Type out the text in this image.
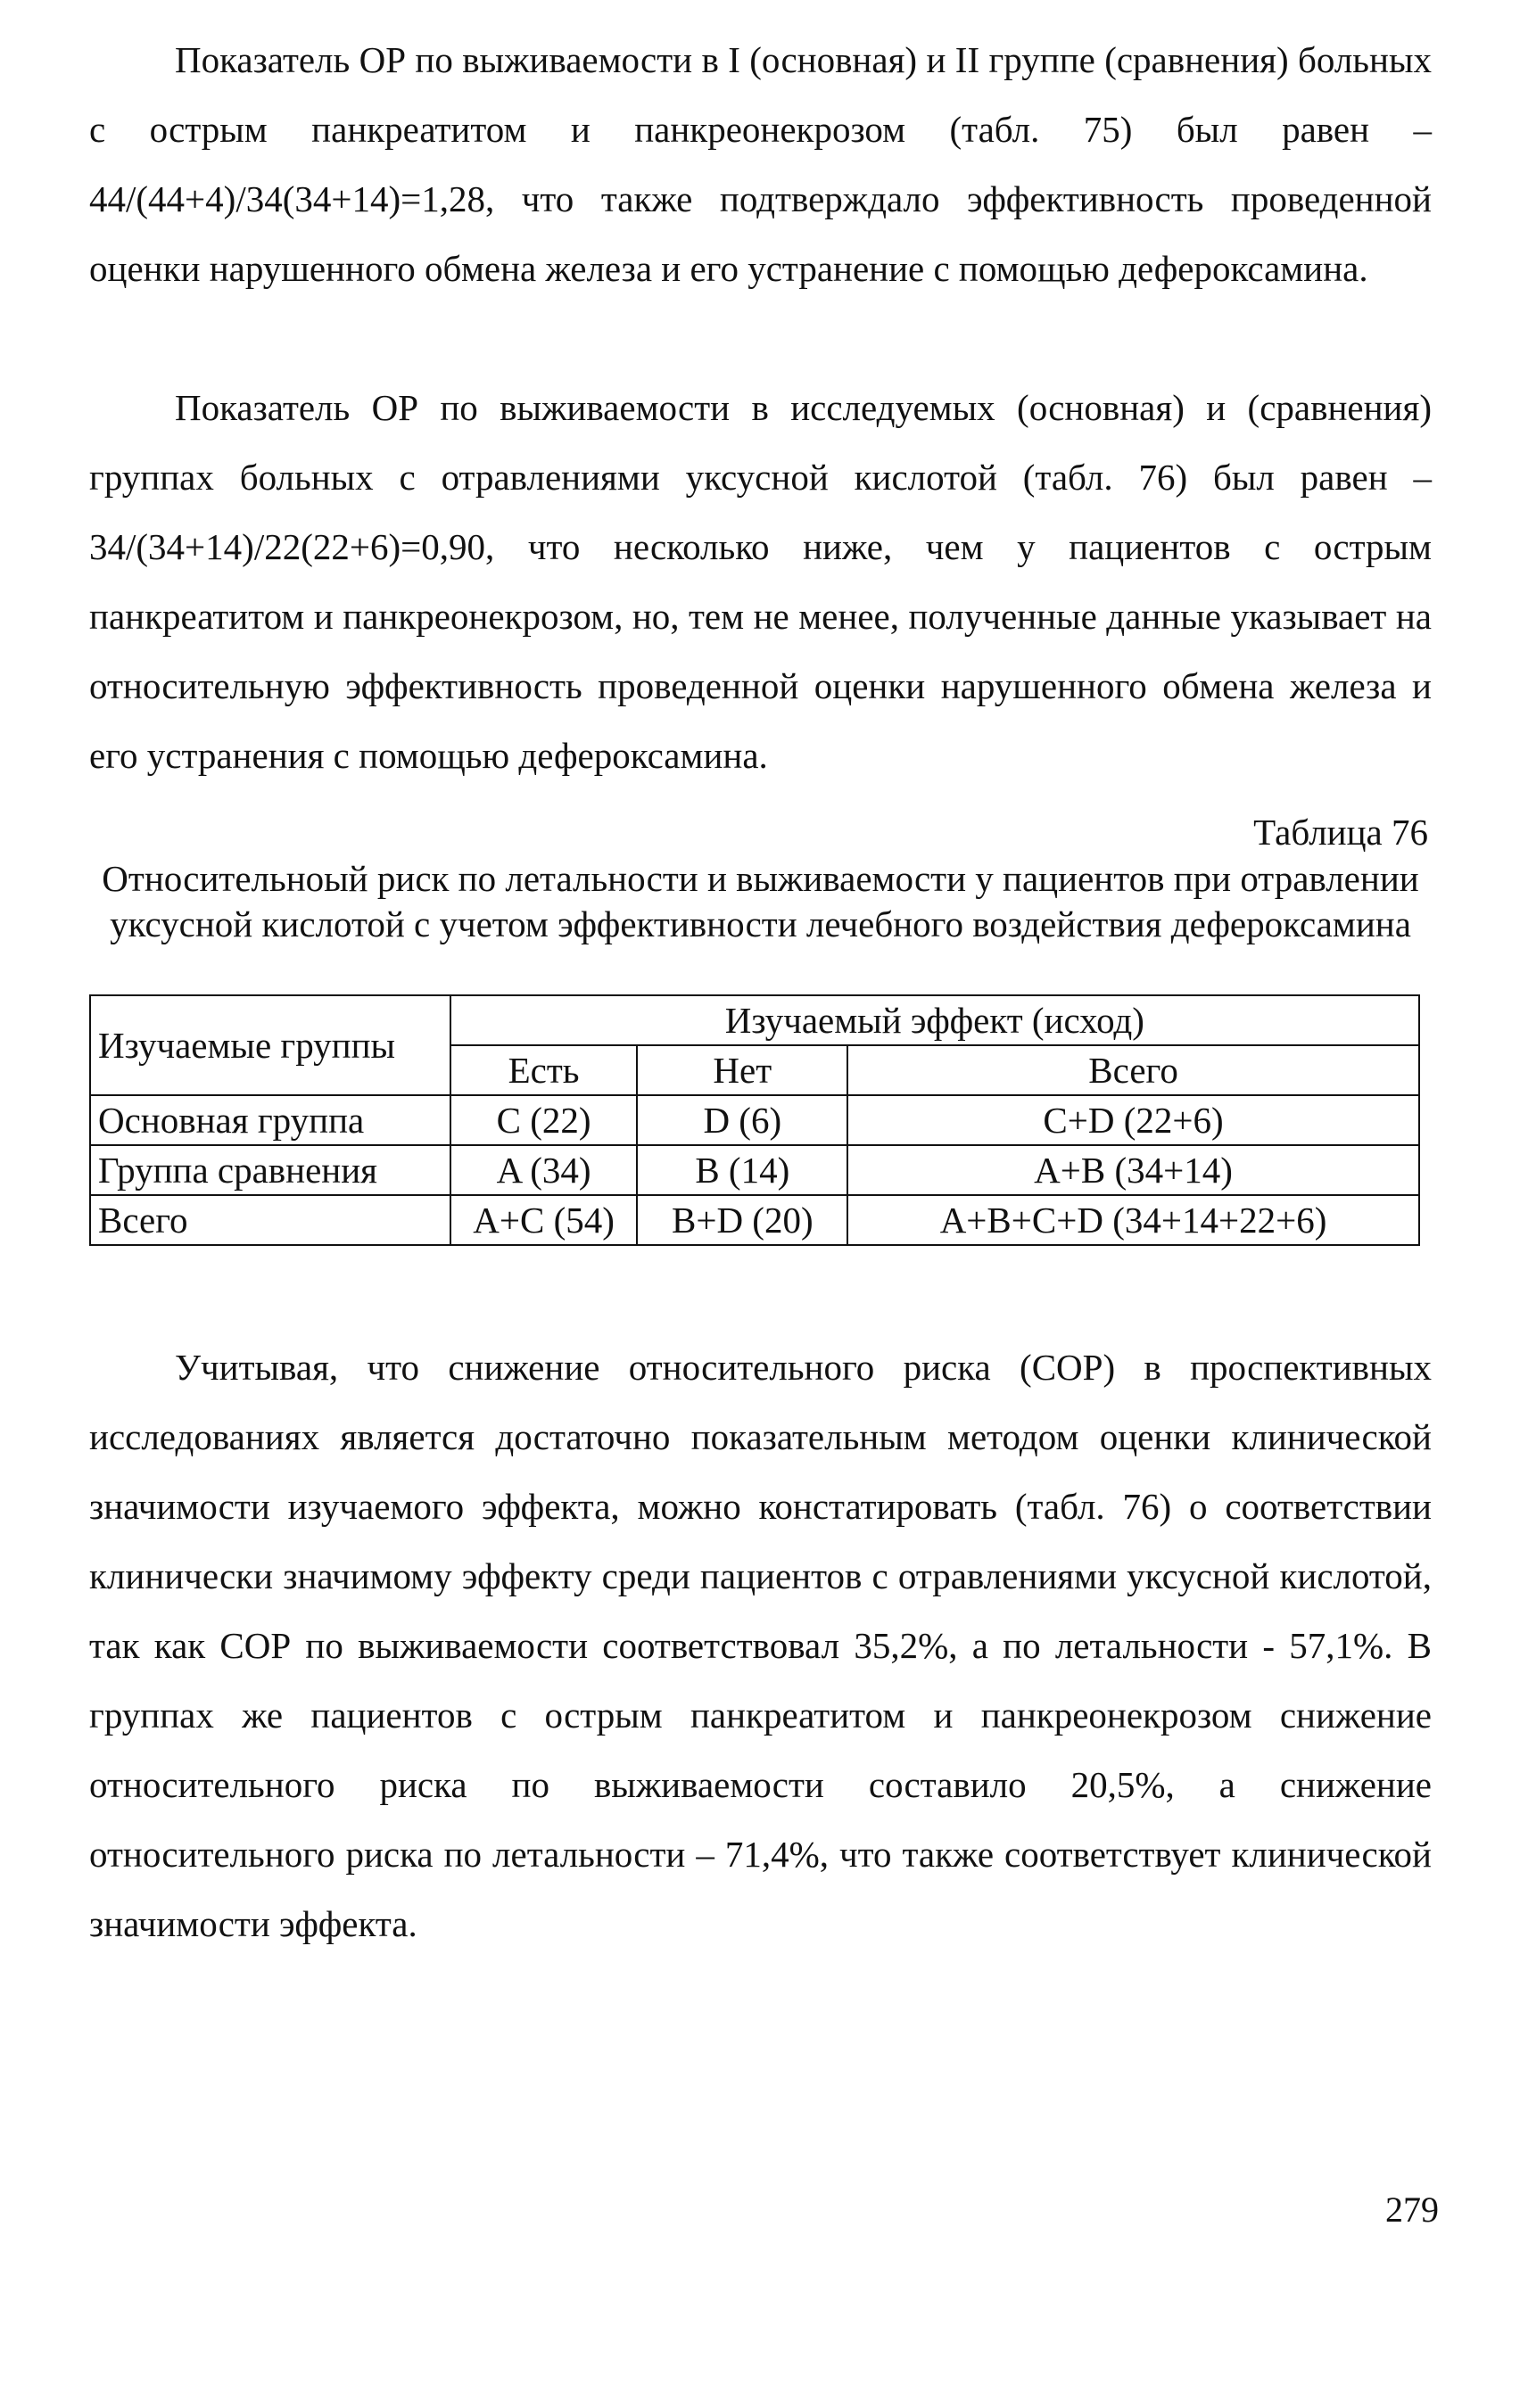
Показатель ОР по выживаемости в I (основная) и II группе (сравнения) больных с острым панкреатитом и панкреонекрозом (табл. 75) был равен – 44/(44+4)/34(34+14)=1,28, что также подтверждало эффективность проведенной оценки нарушенного обмена железа и его устранение с помощью дефероксамина.

Показатель ОР по выживаемости в исследуемых (основная) и (сравнения) группах больных с отравлениями уксусной кислотой (табл. 76) был равен – 34/(34+14)/22(22+6)=0,90, что несколько ниже, чем у пациентов с острым панкреатитом и панкреонекрозом, но, тем не менее, полученные данные указывает на относительную эффективность проведенной оценки нарушенного обмена железа и его устранения с помощью дефероксамина.

Таблица 76
Относительноый риск по летальности и выживаемости у пациентов при отравлении уксусной кислотой с учетом эффективности лечебного воздействия дефероксамина
Изучаемые группы	Изучаемый эффект (исход)		
	Есть	Нет	Всего
Основная группа	C (22)	D (6)	C+D (22+6)
Группа сравнения	A (34)	B (14)	A+B (34+14)
Всего	A+C (54)	B+D (20)	A+B+C+D (34+14+22+6)

Учитывая, что снижение относительного риска (СОР) в проспективных исследованиях является достаточно показательным методом оценки клинической значимости изучаемого эффекта, можно констатировать (табл. 76) о соответствии клинически значимому эффекту среди пациентов с отравлениями уксусной кислотой, так как СОР по выживаемости соответствовал 35,2%, а по летальности - 57,1%. В группах же пациентов с острым панкреатитом и панкреонекрозом снижение относительного риска по выживаемости составило 20,5%, а снижение относительного риска по летальности – 71,4%, что также соответствует клинической значимости эффекта.

279
